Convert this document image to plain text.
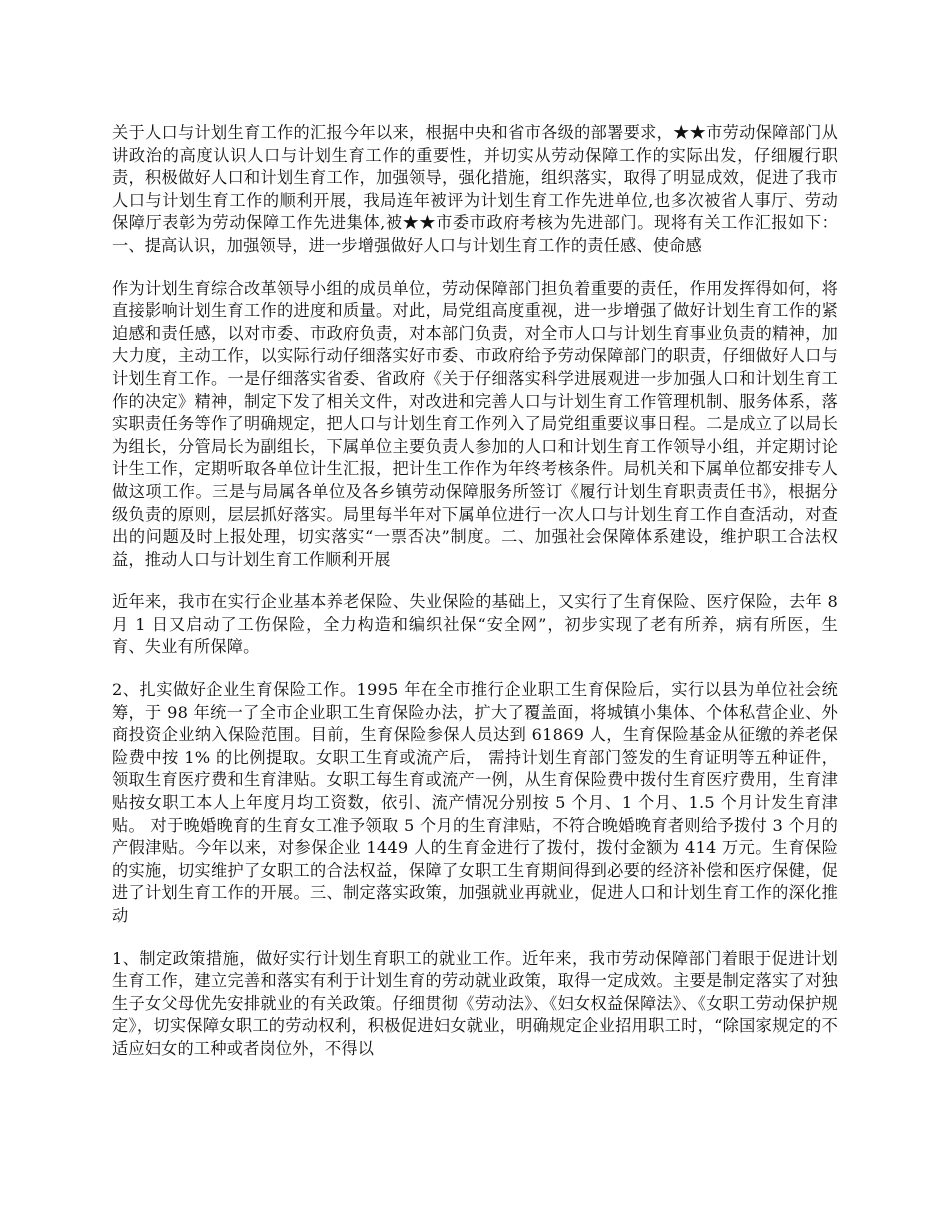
关于人口与计划生育工作的汇报今年以来，根据中央和省市各级的部署要求，★★市劳动保障部门从讲政治的高度认识人口与计划生育工作的重要性，并切实从劳动保障工作的实际出发，仔细履行职责，积极做好人口和计划生育工作，加强领导，强化措施，组织落实，取得了明显成效，促进了我市人口与计划生育工作的顺利开展，我局连年被评为计划生育工作先进单位,也多次被省人事厅、劳动保障厅表彰为劳动保障工作先进集体,被★★市委市政府考核为先进部门。现将有关工作汇报如下：一、提高认识，加强领导，进一步增强做好人口与计划生育工作的责任感、使命感

作为计划生育综合改革领导小组的成员单位，劳动保障部门担负着重要的责任，作用发挥得如何，将直接影响计划生育工作的进度和质量。对此，局党组高度重视，进一步增强了做好计划生育工作的紧迫感和责任感，以对市委、市政府负责，对本部门负责，对全市人口与计划生育事业负责的精神，加大力度，主动工作，以实际行动仔细落实好市委、市政府给予劳动保障部门的职责，仔细做好人口与计划生育工作。一是仔细落实省委、省政府《关于仔细落实科学进展观进一步加强人口和计划生育工作的决定》精神，制定下发了相关文件，对改进和完善人口与计划生育工作管理机制、服务体系，落实职责任务等作了明确规定，把人口与计划生育工作列入了局党组重要议事日程。二是成立了以局长为组长，分管局长为副组长，下属单位主要负责人参加的人口和计划生育工作领导小组，并定期讨论计生工作，定期听取各单位计生汇报，把计生工作作为年终考核条件。局机关和下属单位都安排专人做这项工作。三是与局属各单位及各乡镇劳动保障服务所签订《履行计划生育职责责任书》，根据分级负责的原则，层层抓好落实。局里每半年对下属单位进行一次人口与计划生育工作自查活动，对查出的问题及时上报处理，切实落实“一票否决”制度。二、加强社会保障体系建设，维护职工合法权益，推动人口与计划生育工作顺利开展

近年来，我市在实行企业基本养老保险、失业保险的基础上，又实行了生育保险、医疗保险，去年 8 月 1 日又启动了工伤保险，全力构造和编织社保“安全网”，初步实现了老有所养，病有所医，生育、失业有所保障。

2、扎实做好企业生育保险工作。1995 年在全市推行企业职工生育保险后，实行以县为单位社会统筹，于 98 年统一了全市企业职工生育保险办法，扩大了覆盖面，将城镇小集体、个体私营企业、外商投资企业纳入保险范围。目前，生育保险参保人员达到 61869 人，生育保险基金从征缴的养老保险费中按 1% 的比例提取。女职工生育或流产后， 需持计划生育部门签发的生育证明等五种证件，领取生育医疗费和生育津贴。女职工每生育或流产一例，从生育保险费中拨付生育医疗费用，生育津贴按女职工本人上年度月均工资数，依引、流产情况分别按 5 个月、1 个月、1.5 个月计发生育津贴。 对于晚婚晚育的生育女工准予领取 5 个月的生育津贴，不符合晚婚晚育者则给予拨付 3 个月的产假津贴。今年以来，对参保企业 1449 人的生育金进行了拨付，拨付金额为 414 万元。生育保险的实施，切实维护了女职工的合法权益，保障了女职工生育期间得到必要的经济补偿和医疗保健，促进了计划生育工作的开展。三、制定落实政策，加强就业再就业，促进人口和计划生育工作的深化推动

1、制定政策措施，做好实行计划生育职工的就业工作。近年来，我市劳动保障部门着眼于促进计划生育工作，建立完善和落实有利于计划生育的劳动就业政策，取得一定成效。主要是制定落实了对独生子女父母优先安排就业的有关政策。仔细贯彻《劳动法》、《妇女权益保障法》、《女职工劳动保护规定》，切实保障女职工的劳动权利，积极促进妇女就业，明确规定企业招用职工时，“除国家规定的不适应妇女的工种或者岗位外，不得以
